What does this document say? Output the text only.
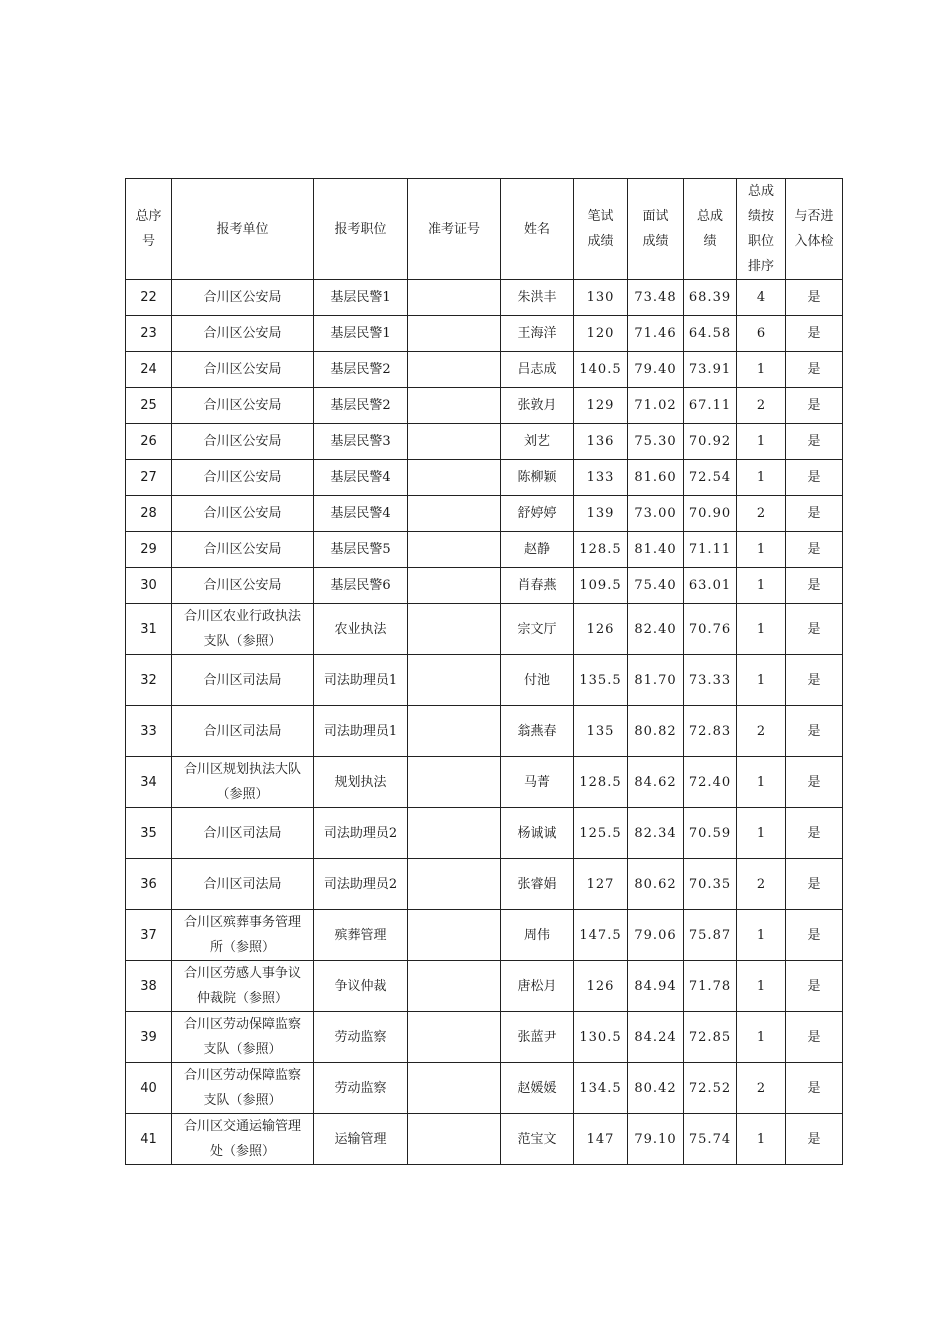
总序号	报考单位	报考职位	准考证号	姓名	笔试成绩	面试成绩	总成绩	总成绩按职位排序	与否进入体检
22	合川区公安局	基层民警1		朱洪丰	130	73.48	68.39	4	是
23	合川区公安局	基层民警1		王海洋	120	71.46	64.58	6	是
24	合川区公安局	基层民警2		吕志成	140.5	79.40	73.91	1	是
25	合川区公安局	基层民警2		张敦月	129	71.02	67.11	2	是
26	合川区公安局	基层民警3		刘艺	136	75.30	70.92	1	是
27	合川区公安局	基层民警4		陈柳颖	133	81.60	72.54	1	是
28	合川区公安局	基层民警4		舒婷婷	139	73.00	70.90	2	是
29	合川区公安局	基层民警5		赵静	128.5	81.40	71.11	1	是
30	合川区公安局	基层民警6		肖春燕	109.5	75.40	63.01	1	是
31	合川区农业行政执法支队（参照）	农业执法		宗文厅	126	82.40	70.76	1	是
32	合川区司法局	司法助理员1		付池	135.5	81.70	73.33	1	是
33	合川区司法局	司法助理员1		翁燕春	135	80.82	72.83	2	是
34	合川区规划执法大队（参照）	规划执法		马菁	128.5	84.62	72.40	1	是
35	合川区司法局	司法助理员2		杨诚诚	125.5	82.34	70.59	1	是
36	合川区司法局	司法助理员2		张睿娟	127	80.62	70.35	2	是
37	合川区殡葬事务管理所（参照）	殡葬管理		周伟	147.5	79.06	75.87	1	是
38	合川区劳感人事争议仲裁院（参照）	争议仲裁		唐松月	126	84.94	71.78	1	是
39	合川区劳动保障监察支队（参照）	劳动监察		张蓝尹	130.5	84.24	72.85	1	是
40	合川区劳动保障监察支队（参照）	劳动监察		赵媛媛	134.5	80.42	72.52	2	是
41	合川区交通运输管理处（参照）	运输管理		范宝文	147	79.10	75.74	1	是
